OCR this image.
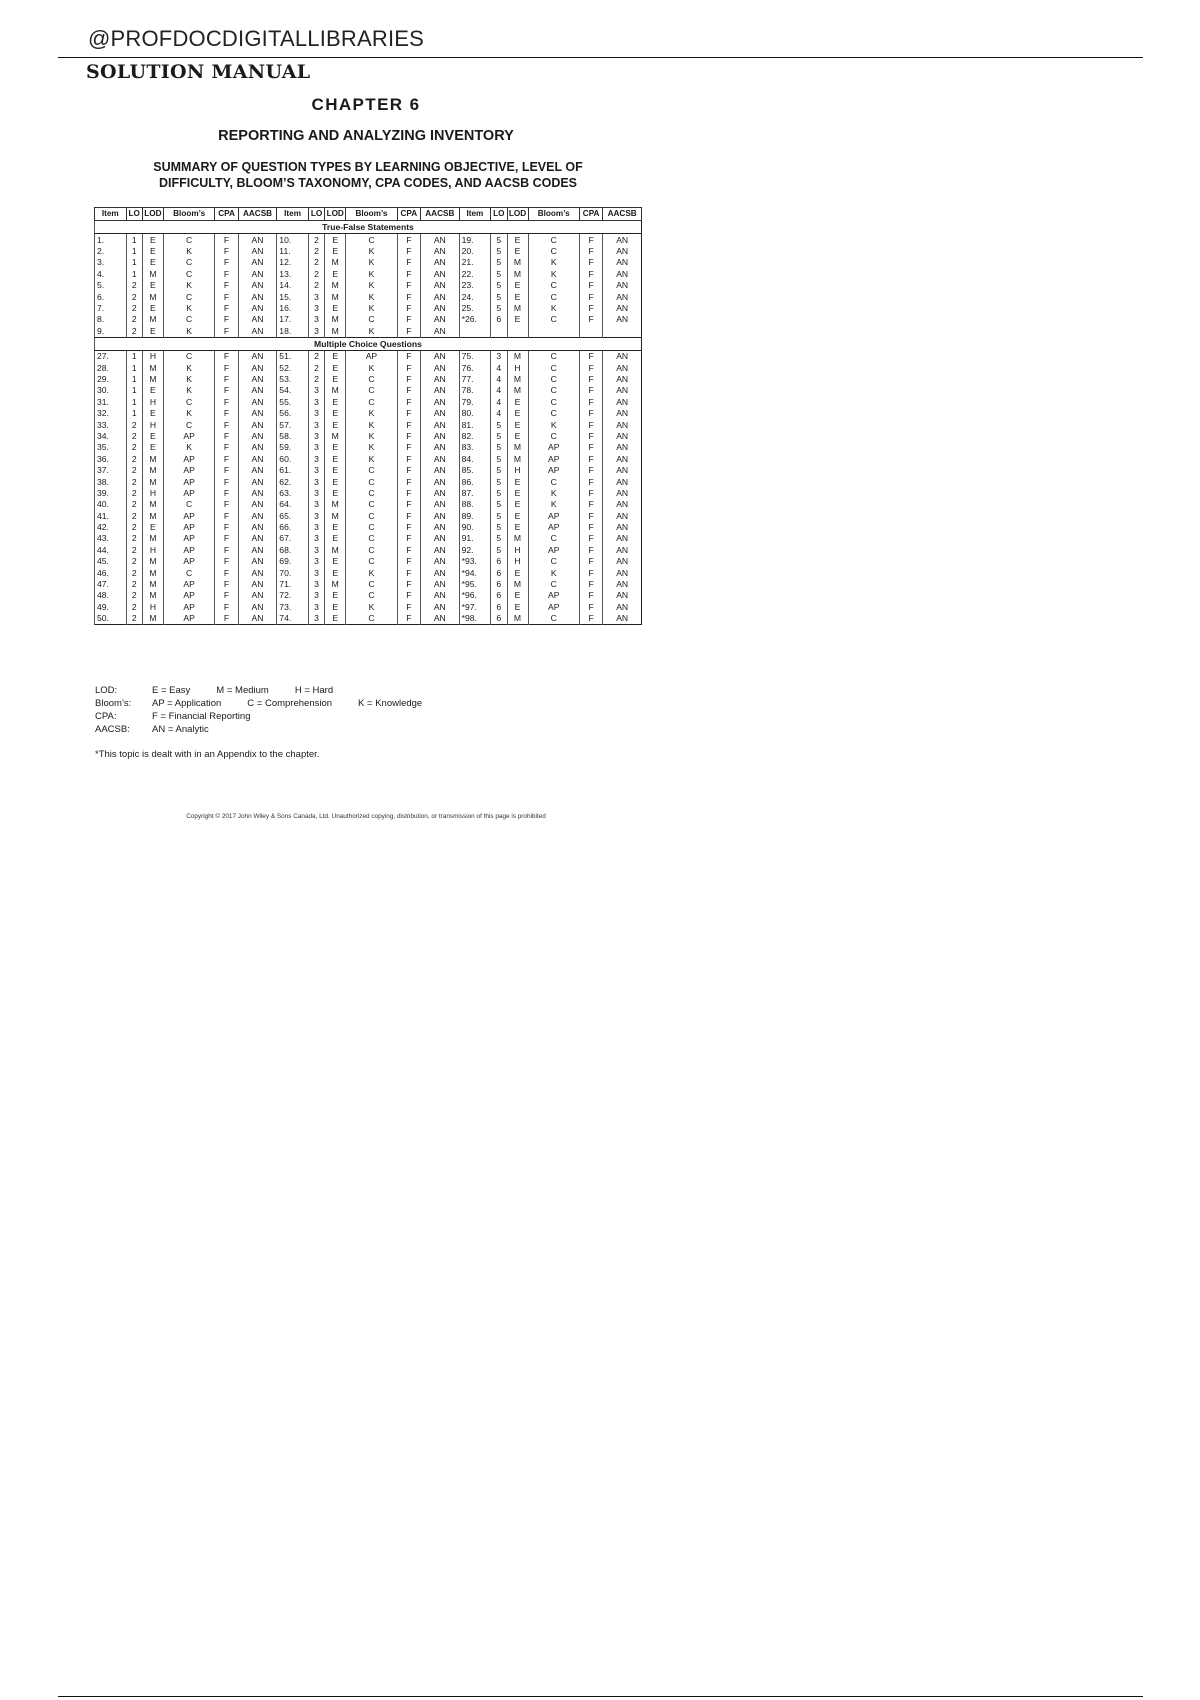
@PROFDOCDIGITALLIBRARIES
SOLUTION MANUAL
CHAPTER 6
REPORTING AND ANALYZING INVENTORY
SUMMARY OF QUESTION TYPES BY LEARNING OBJECTIVE, LEVEL OF
DIFFICULTY, BLOOM’S TAXONOMY, CPA CODES, AND AACSB CODES
Item	LO	LOD	Bloom’s	CPA	AACSB	Item	LO	LOD	Bloom’s	CPA	AACSB	Item	LO	LOD	Bloom’s	CPA	AACSB
True-False Statements																	
1.	1	E	C	F	AN	10.	2	E	C	F	AN	19.	5	E	C	F	AN
2.	1	E	K	F	AN	11.	2	E	K	F	AN	20.	5	E	C	F	AN
3.	1	E	C	F	AN	12.	2	M	K	F	AN	21.	5	M	K	F	AN
4.	1	M	C	F	AN	13.	2	E	K	F	AN	22.	5	M	K	F	AN
5.	2	E	K	F	AN	14.	2	M	K	F	AN	23.	5	E	C	F	AN
6.	2	M	C	F	AN	15.	3	M	K	F	AN	24.	5	E	C	F	AN
7.	2	E	K	F	AN	16.	3	E	K	F	AN	25.	5	M	K	F	AN
8.	2	M	C	F	AN	17.	3	M	C	F	AN	*26.	6	E	C	F	AN
9.	2	E	K	F	AN	18.	3	M	K	F	AN						
Multiple Choice Questions																	
27.	1	H	C	F	AN	51.	2	E	AP	F	AN	75.	3	M	C	F	AN
28.	1	M	K	F	AN	52.	2	E	K	F	AN	76.	4	H	C	F	AN
29.	1	M	K	F	AN	53.	2	E	C	F	AN	77.	4	M	C	F	AN
30.	1	E	K	F	AN	54.	3	M	C	F	AN	78.	4	M	C	F	AN
31.	1	H	C	F	AN	55.	3	E	C	F	AN	79.	4	E	C	F	AN
32.	1	E	K	F	AN	56.	3	E	K	F	AN	80.	4	E	C	F	AN
33.	2	H	C	F	AN	57.	3	E	K	F	AN	81.	5	E	K	F	AN
34.	2	E	AP	F	AN	58.	3	M	K	F	AN	82.	5	E	C	F	AN
35.	2	E	K	F	AN	59.	3	E	K	F	AN	83.	5	M	AP	F	AN
36.	2	M	AP	F	AN	60.	3	E	K	F	AN	84.	5	M	AP	F	AN
37.	2	M	AP	F	AN	61.	3	E	C	F	AN	85.	5	H	AP	F	AN
38.	2	M	AP	F	AN	62.	3	E	C	F	AN	86.	5	E	C	F	AN
39.	2	H	AP	F	AN	63.	3	E	C	F	AN	87.	5	E	K	F	AN
40.	2	M	C	F	AN	64.	3	M	C	F	AN	88.	5	E	K	F	AN
41.	2	M	AP	F	AN	65.	3	M	C	F	AN	89.	5	E	AP	F	AN
42.	2	E	AP	F	AN	66.	3	E	C	F	AN	90.	5	E	AP	F	AN
43.	2	M	AP	F	AN	67.	3	E	C	F	AN	91.	5	M	C	F	AN
44.	2	H	AP	F	AN	68.	3	M	C	F	AN	92.	5	H	AP	F	AN
45.	2	M	AP	F	AN	69.	3	E	C	F	AN	*93.	6	H	C	F	AN
46.	2	M	C	F	AN	70.	3	E	K	F	AN	*94.	6	E	K	F	AN
47.	2	M	AP	F	AN	71.	3	M	C	F	AN	*95.	6	M	C	F	AN
48.	2	M	AP	F	AN	72.	3	E	C	F	AN	*96.	6	E	AP	F	AN
49.	2	H	AP	F	AN	73.	3	E	K	F	AN	*97.	6	E	AP	F	AN
50.	2	M	AP	F	AN	74.	3	E	C	F	AN	*98.	6	M	C	F	AN
LOD:	E = Easy	M = Medium	H = Hard
Bloom’s:	AP = Application	C = Comprehension	K = Knowledge
CPA:	F = Financial Reporting
AACSB:	AN = Analytic
*This topic is dealt with in an Appendix to the chapter.
Copyright © 2017 John Wiley & Sons Canada, Ltd. Unauthorized copying, distribution, or transmission of this page is prohibited
